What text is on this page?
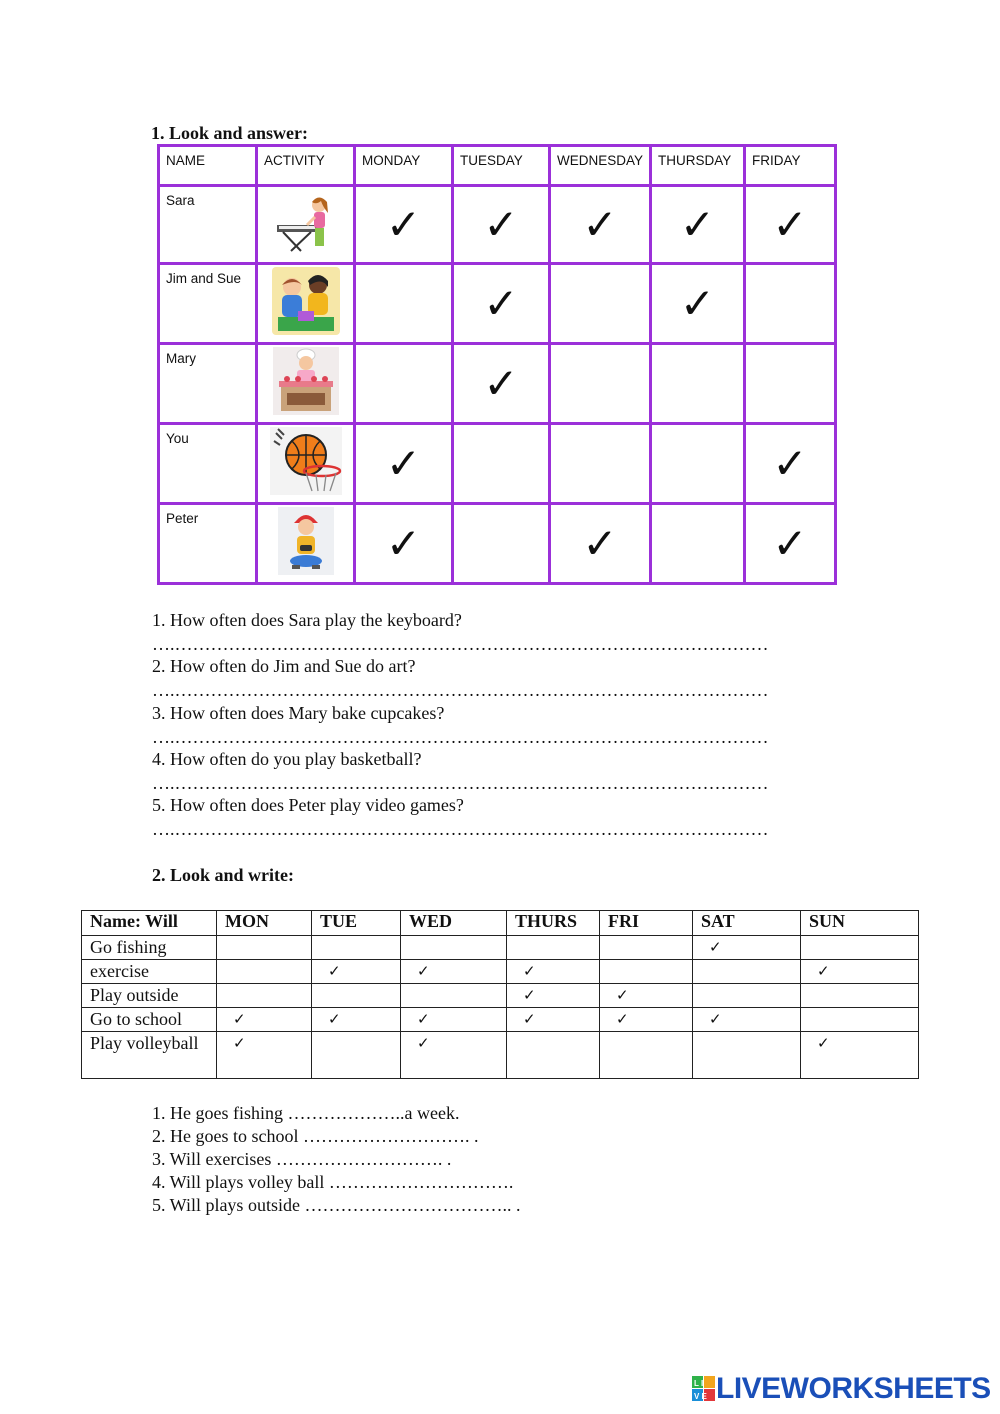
1. Look and answer:
NAME	ACTIVITY	MONDAY	TUESDAY	WEDNESDAY	THURSDAY	FRIDAY
Sara		✓	✓	✓	✓	✓
Jim and Sue			✓		✓	
Mary			✓			
You		✓				✓
Peter		✓		✓		✓
1. How often does Sara play the keyboard?
….………………………………………………………………………………………
2. How often do Jim and Sue do art?
….………………………………………………………………………………………
3. How often does Mary bake cupcakes?
….………………………………………………………………………………………
4. How often do you play basketball?
….………………………………………………………………………………………
5. How often does Peter play video games?
….………………………………………………………………………………………
2. Look and write:
Name: Will	MON	TUE	WED	THURS	FRI	SAT	SUN
Go fishing						✓	
exercise		✓	✓	✓			✓
Play outside				✓	✓		
Go to school	✓	✓	✓	✓	✓	✓	
Play volleyball	✓		✓				✓
1. He goes fishing ………………..a week.
2. He goes to school ………………………. .
3. Will exercises ………………………. .
4. Will plays volley ball ………………………….
5. Will plays outside …………………………….. .
L I
V E LIVEWORKSHEETS
